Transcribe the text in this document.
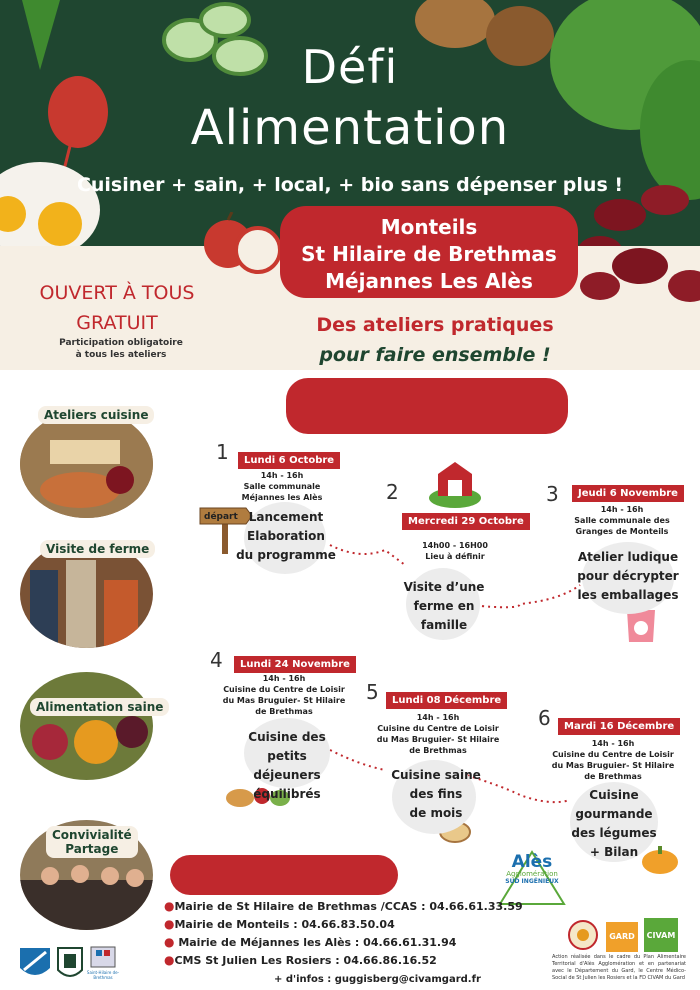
Défi
Alimentation
Cuisiner + sain, + local, + bio sans dépenser plus !
Monteils
St Hilaire de Brethmas
Méjannes Les Alès
OUVERT À TOUS
GRATUIT
Participation obligatoire
à tous les ateliers
Des ateliers pratiques
pour faire ensemble !
Ateliers cuisine
Visite de ferme
Alimentation saine
Convivialité
Partage
départ
1	Lundi 6 Octobre
14h - 16h
Salle communale
Méjannes les Alès
Lancement
Elaboration
du programme
2
Mercredi 29 Octobre
14h00 - 16H00
Lieu à définir
Visite d’une
ferme en
famille
3	Jeudi 6 Novembre
14h - 16h
Salle communale des
Granges de Monteils
Atelier ludique
pour décrypter
les emballages
4	Lundi 24 Novembre
14h - 16h
Cuisine du Centre de Loisir
du Mas Bruguier- St Hilaire
de Brethmas
Cuisine des
petits déjeuners
équilibrés
5	Lundi 08 Décembre
14h - 16h
Cuisine du Centre de Loisir
du Mas Bruguier- St Hilaire
de Brethmas
Cuisine saine
des fins
de mois
6	Mardi 16 Décembre
14h - 16h
Cuisine du Centre de Loisir
du Mas Bruguier- St Hilaire
de Brethmas
Cuisine
gourmande
des légumes
+ Bilan
Alès
Agglomération
SUD INGÉNIEUX
●Mairie de St Hilaire de Brethmas /CCAS : 04.66.61.33.59
●Mairie de Monteils : 04.66.83.50.04
● Mairie de Méjannes les Alès : 04.66.61.31.94
●CMS St Julien Les Rosiers : 04.66.86.16.52
+ d'infos : guggisberg@civamgard.fr
Saint-Hilaire de-Brethmas
GARD	CIVAM
Action réalisée dans le cadre du Plan Alimentaire Territorial d'Alès Agglomération et en partenariat avec le Département du Gard, le Centre Médico-Social de St Julien les Rosiers et la FD CIVAM du Gard
